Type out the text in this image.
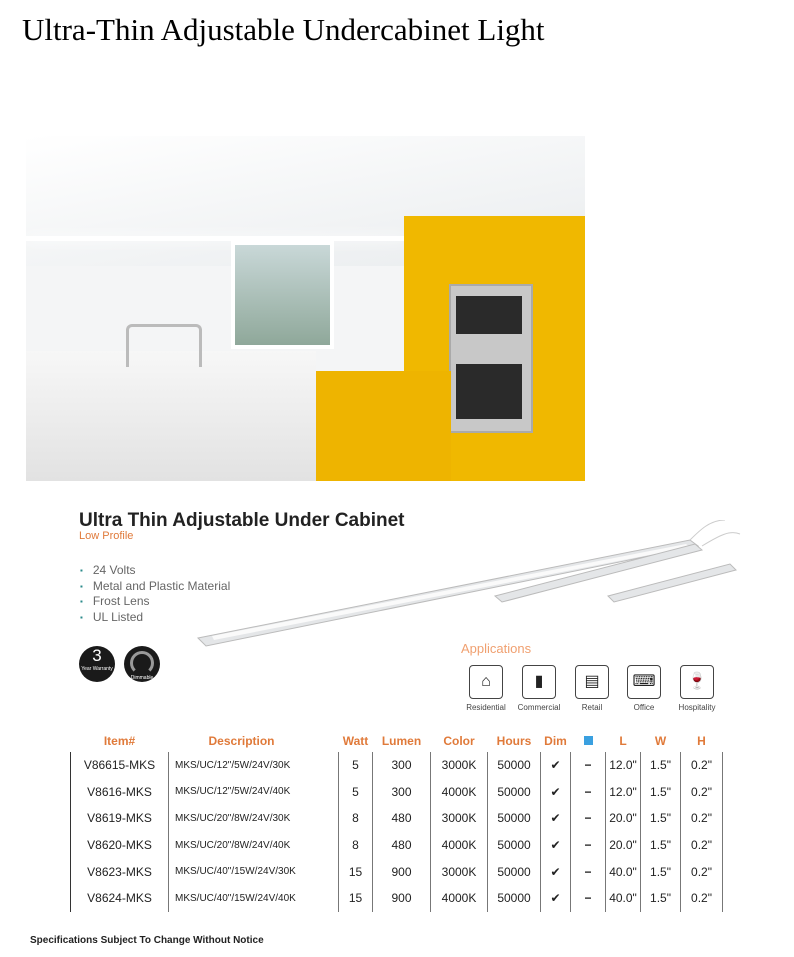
Ultra-Thin Adjustable Undercabinet Light
Ultra Thin Adjustable Under Cabinet
Low Profile
▪ 24 Volts
▪ Metal and Plastic Material
▪ Frost Lens
▪ UL Listed
3
Year Warranty
Dimmable
Applications
⌂
Residential
▮
Commercial
▤
Retail
⌨
Office
🍷
Hospitality
Item#	Description	Watt	Lumen	Color	Hours	Dim		L	W	H
V86615-MKS	MKS/UC/12"/5W/24V/30K	5	300	3000K	50000	✔	−	12.0"	1.5"	0.2"
V8616-MKS	MKS/UC/12"/5W/24V/40K	5	300	4000K	50000	✔	−	12.0"	1.5"	0.2"
V8619-MKS	MKS/UC/20"/8W/24V/30K	8	480	3000K	50000	✔	−	20.0"	1.5"	0.2"
V8620-MKS	MKS/UC/20"/8W/24V/40K	8	480	4000K	50000	✔	−	20.0"	1.5"	0.2"
V8623-MKS	MKS/UC/40"/15W/24V/30K	15	900	3000K	50000	✔	−	40.0"	1.5"	0.2"
V8624-MKS	MKS/UC/40"/15W/24V/40K	15	900	4000K	50000	✔	−	40.0"	1.5"	0.2"
Specifications Subject To Change Without Notice
